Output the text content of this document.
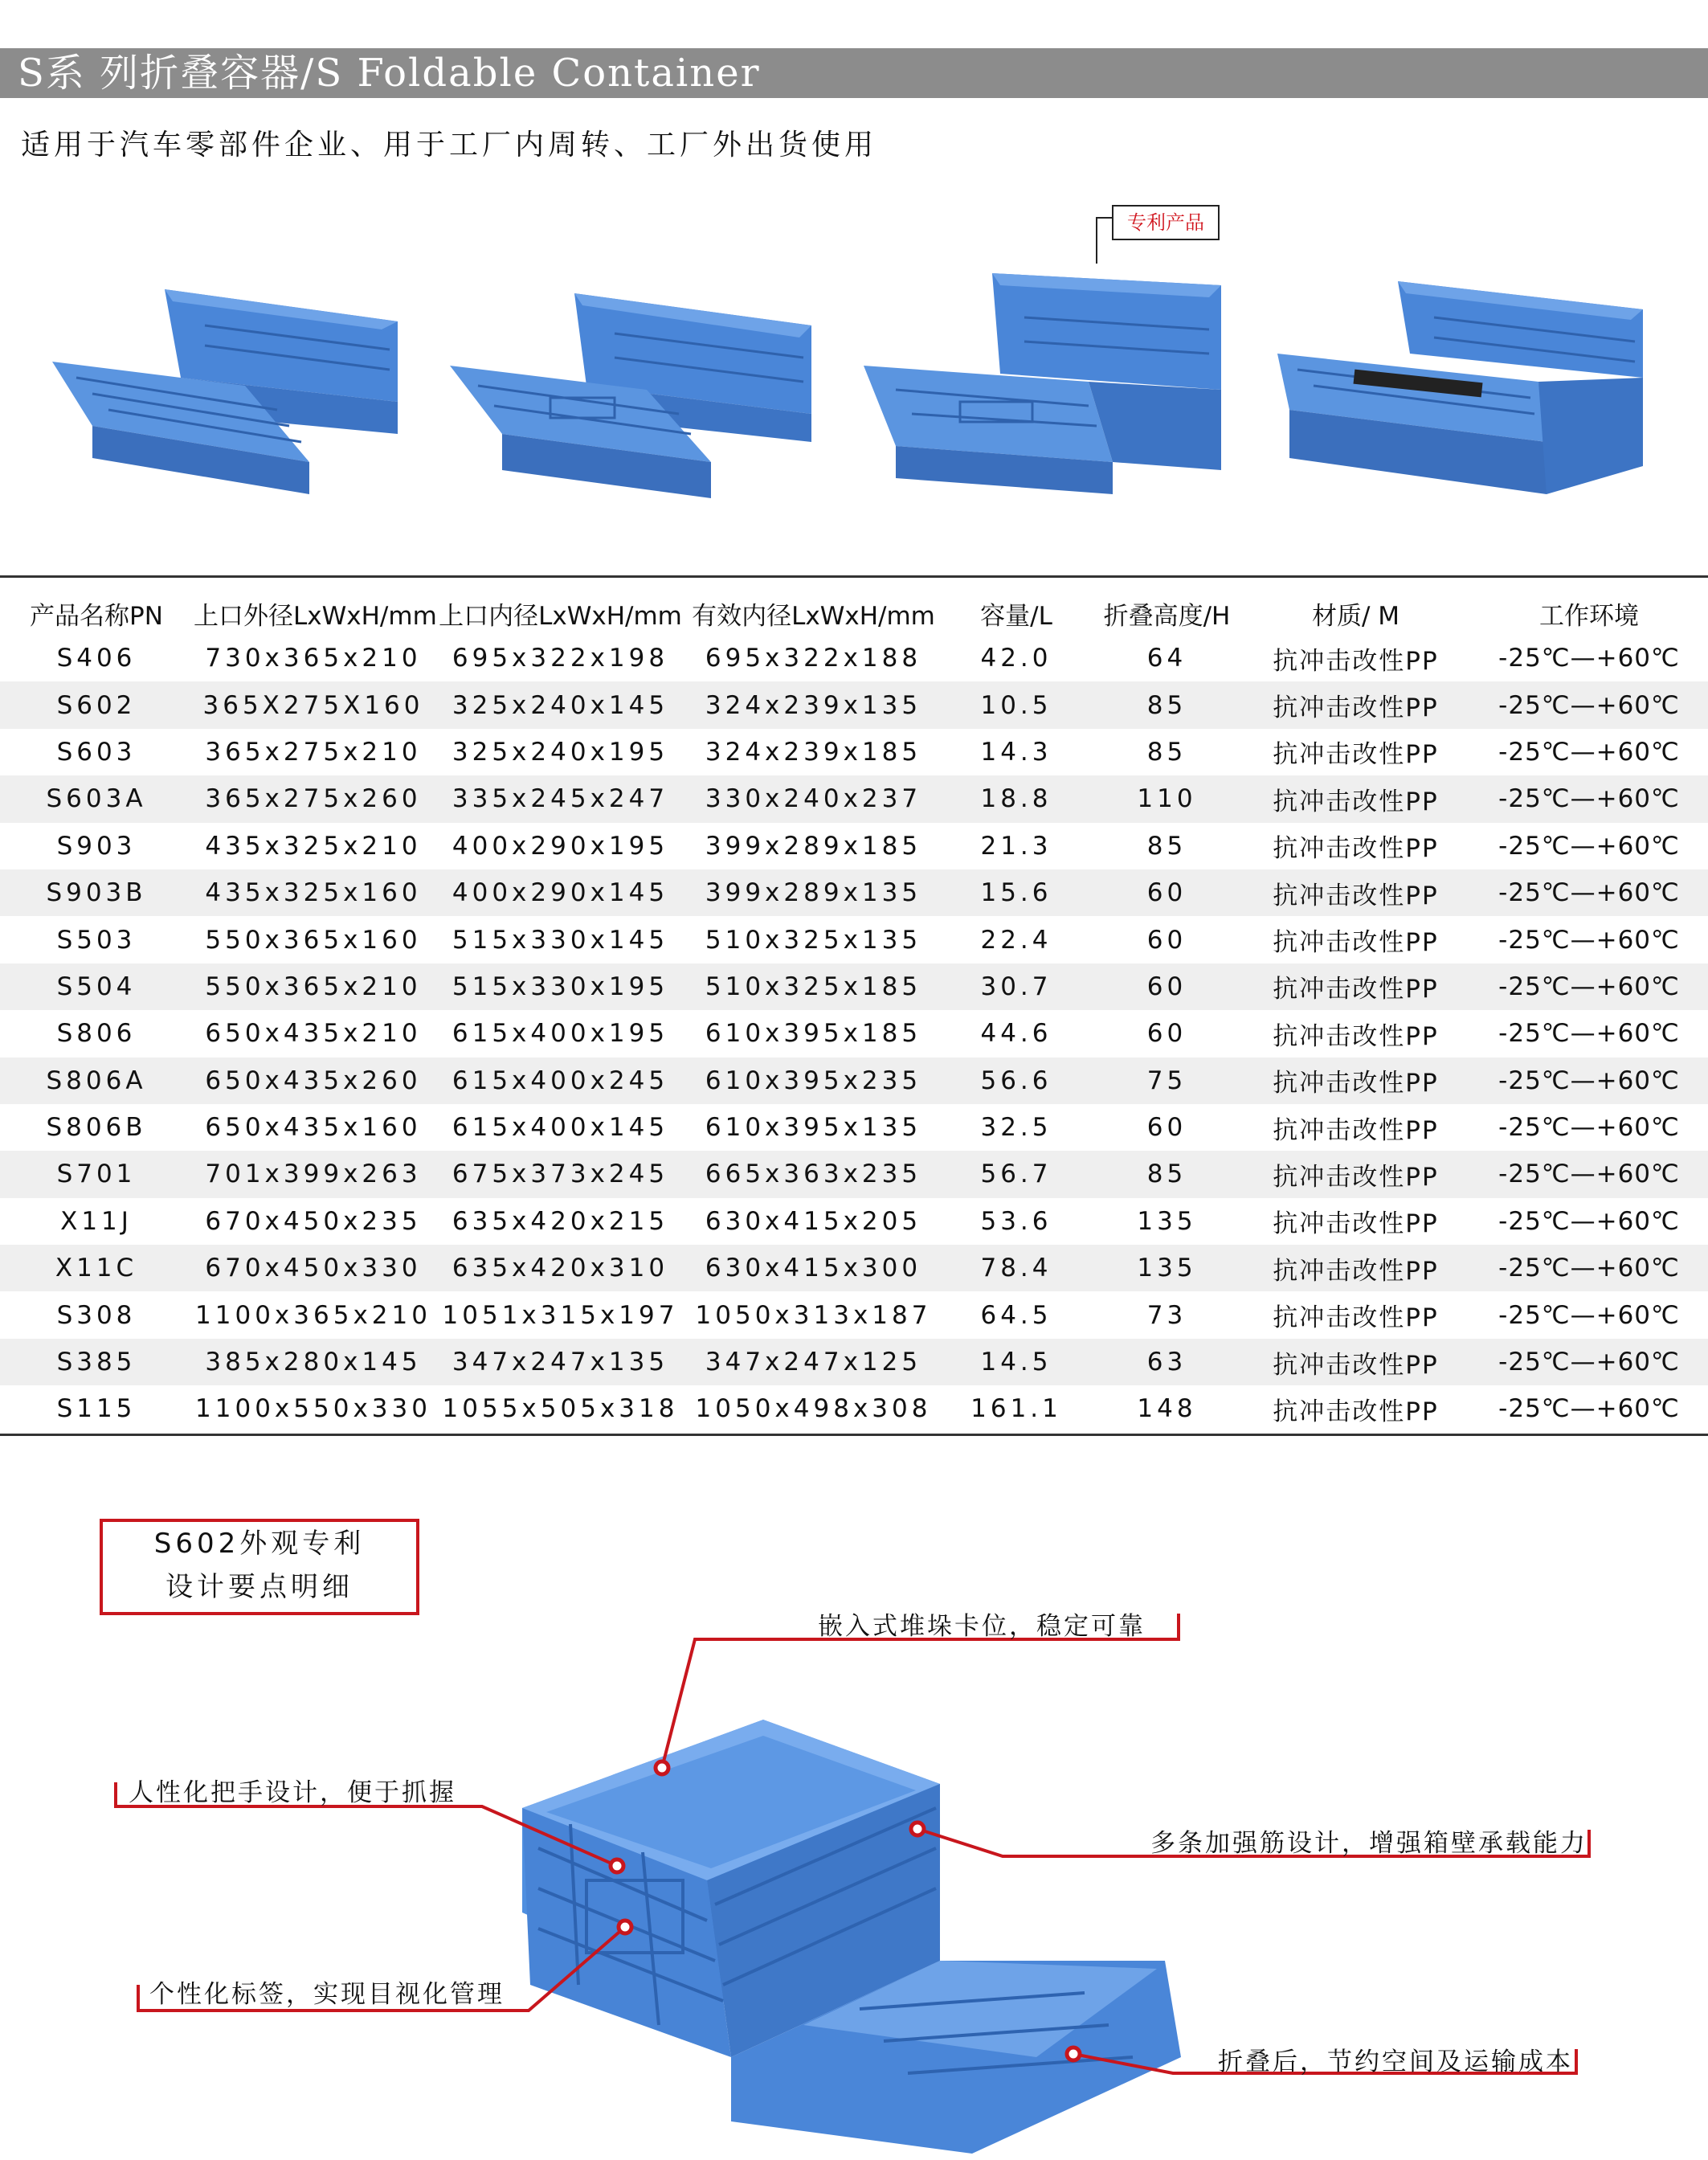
S系 列折叠容器/S Foldable Container
适用于汽车零部件企业、用于工厂内周转、工厂外出货使用
专利产品
产品名称PN	上口外径LxWxH/mm	上口内径LxWxH/mm	有效内径LxWxH/mm	容量/L	折叠高度/H	材质/ M	工作环境
S406	730x365x210	695x322x198	695x322x188	42.0	64	抗冲击改性PP	-25℃—+60℃
S602	365X275X160	325x240x145	324x239x135	10.5	85	抗冲击改性PP	-25℃—+60℃
S603	365x275x210	325x240x195	324x239x185	14.3	85	抗冲击改性PP	-25℃—+60℃
S603A	365x275x260	335x245x247	330x240x237	18.8	110	抗冲击改性PP	-25℃—+60℃
S903	435x325x210	400x290x195	399x289x185	21.3	85	抗冲击改性PP	-25℃—+60℃
S903B	435x325x160	400x290x145	399x289x135	15.6	60	抗冲击改性PP	-25℃—+60℃
S503	550x365x160	515x330x145	510x325x135	22.4	60	抗冲击改性PP	-25℃—+60℃
S504	550x365x210	515x330x195	510x325x185	30.7	60	抗冲击改性PP	-25℃—+60℃
S806	650x435x210	615x400x195	610x395x185	44.6	60	抗冲击改性PP	-25℃—+60℃
S806A	650x435x260	615x400x245	610x395x235	56.6	75	抗冲击改性PP	-25℃—+60℃
S806B	650x435x160	615x400x145	610x395x135	32.5	60	抗冲击改性PP	-25℃—+60℃
S701	701x399x263	675x373x245	665x363x235	56.7	85	抗冲击改性PP	-25℃—+60℃
X11J	670x450x235	635x420x215	630x415x205	53.6	135	抗冲击改性PP	-25℃—+60℃
X11C	670x450x330	635x420x310	630x415x300	78.4	135	抗冲击改性PP	-25℃—+60℃
S308	1100x365x210	1051x315x197	1050x313x187	64.5	73	抗冲击改性PP	-25℃—+60℃
S385	385x280x145	347x247x135	347x247x125	14.5	63	抗冲击改性PP	-25℃—+60℃
S115	1100x550x330	1055x505x318	1050x498x308	161.1	148	抗冲击改性PP	-25℃—+60℃
S602外观专利
设计要点明细
嵌入式堆垛卡位，稳定可靠
人性化把手设计，便于抓握
多条加强筋设计，增强箱壁承载能力
个性化标签，实现目视化管理
折叠后，节约空间及运输成本
